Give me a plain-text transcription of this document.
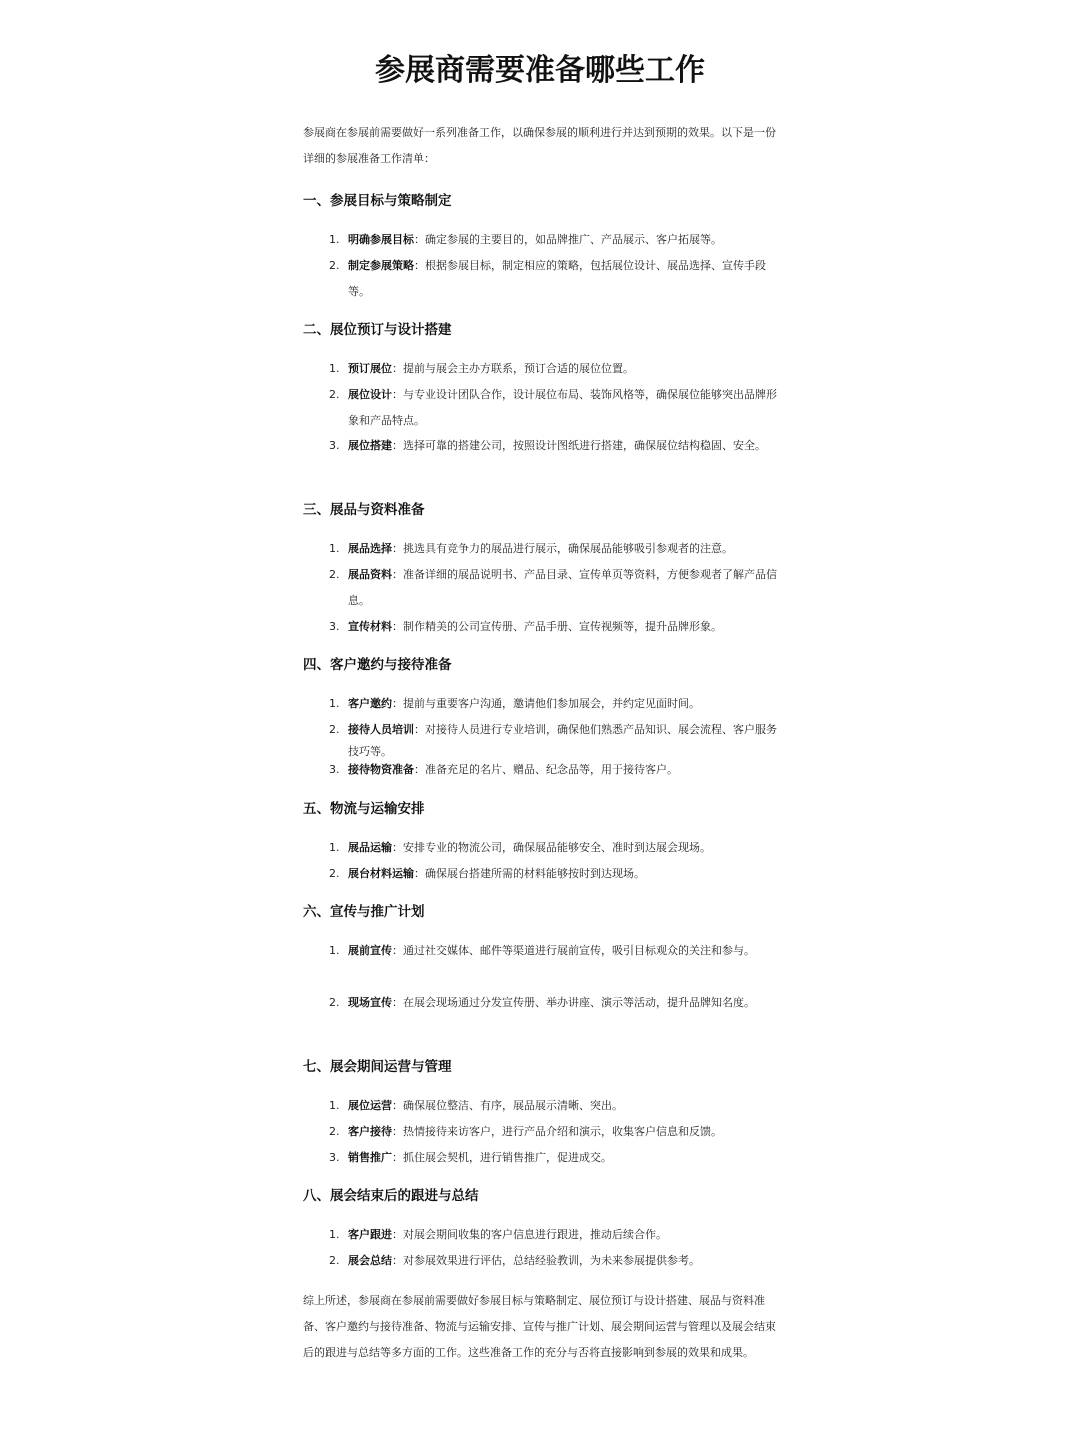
参展商需要准备哪些工作

参展商在参展前需要做好一系列准备工作，以确保参展的顺利进行并达到预期的效果。以下是一份详细的参展准备工作清单：

一、参展目标与策略制定
1. 明确参展目标：确定参展的主要目的，如品牌推广、产品展示、客户拓展等。
2. 制定参展策略：根据参展目标，制定相应的策略，包括展位设计、展品选择、宣传手段等。
二、展位预订与设计搭建
1. 预订展位：提前与展会主办方联系，预订合适的展位位置。
2. 展位设计：与专业设计团队合作，设计展位布局、装饰风格等，确保展位能够突出品牌形象和产品特点。
3. 展位搭建：选择可靠的搭建公司，按照设计图纸进行搭建，确保展位结构稳固、安全。
三、展品与资料准备
1. 展品选择：挑选具有竞争力的展品进行展示，确保展品能够吸引参观者的注意。
2. 展品资料：准备详细的展品说明书、产品目录、宣传单页等资料，方便参观者了解产品信息。
3. 宣传材料：制作精美的公司宣传册、产品手册、宣传视频等，提升品牌形象。
四、客户邀约与接待准备
1. 客户邀约：提前与重要客户沟通，邀请他们参加展会，并约定见面时间。
2. 接待人员培训：对接待人员进行专业培训，确保他们熟悉产品知识、展会流程、客户服务技巧等。
3. 接待物资准备：准备充足的名片、赠品、纪念品等，用于接待客户。
五、物流与运输安排
1. 展品运输：安排专业的物流公司，确保展品能够安全、准时到达展会现场。
2. 展台材料运输：确保展台搭建所需的材料能够按时到达现场。
六、宣传与推广计划
1. 展前宣传：通过社交媒体、邮件等渠道进行展前宣传，吸引目标观众的关注和参与。
2. 现场宣传：在展会现场通过分发宣传册、举办讲座、演示等活动，提升品牌知名度。
七、展会期间运营与管理
1. 展位运营：确保展位整洁、有序，展品展示清晰、突出。
2. 客户接待：热情接待来访客户，进行产品介绍和演示，收集客户信息和反馈。
3. 销售推广：抓住展会契机，进行销售推广，促进成交。
八、展会结束后的跟进与总结
1. 客户跟进：对展会期间收集的客户信息进行跟进，推动后续合作。
2. 展会总结：对参展效果进行评估，总结经验教训，为未来参展提供参考。

综上所述，参展商在参展前需要做好参展目标与策略制定、展位预订与设计搭建、展品与资料准备、客户邀约与接待准备、物流与运输安排、宣传与推广计划、展会期间运营与管理以及展会结束后的跟进与总结等多方面的工作。这些准备工作的充分与否将直接影响到参展的效果和成果。
